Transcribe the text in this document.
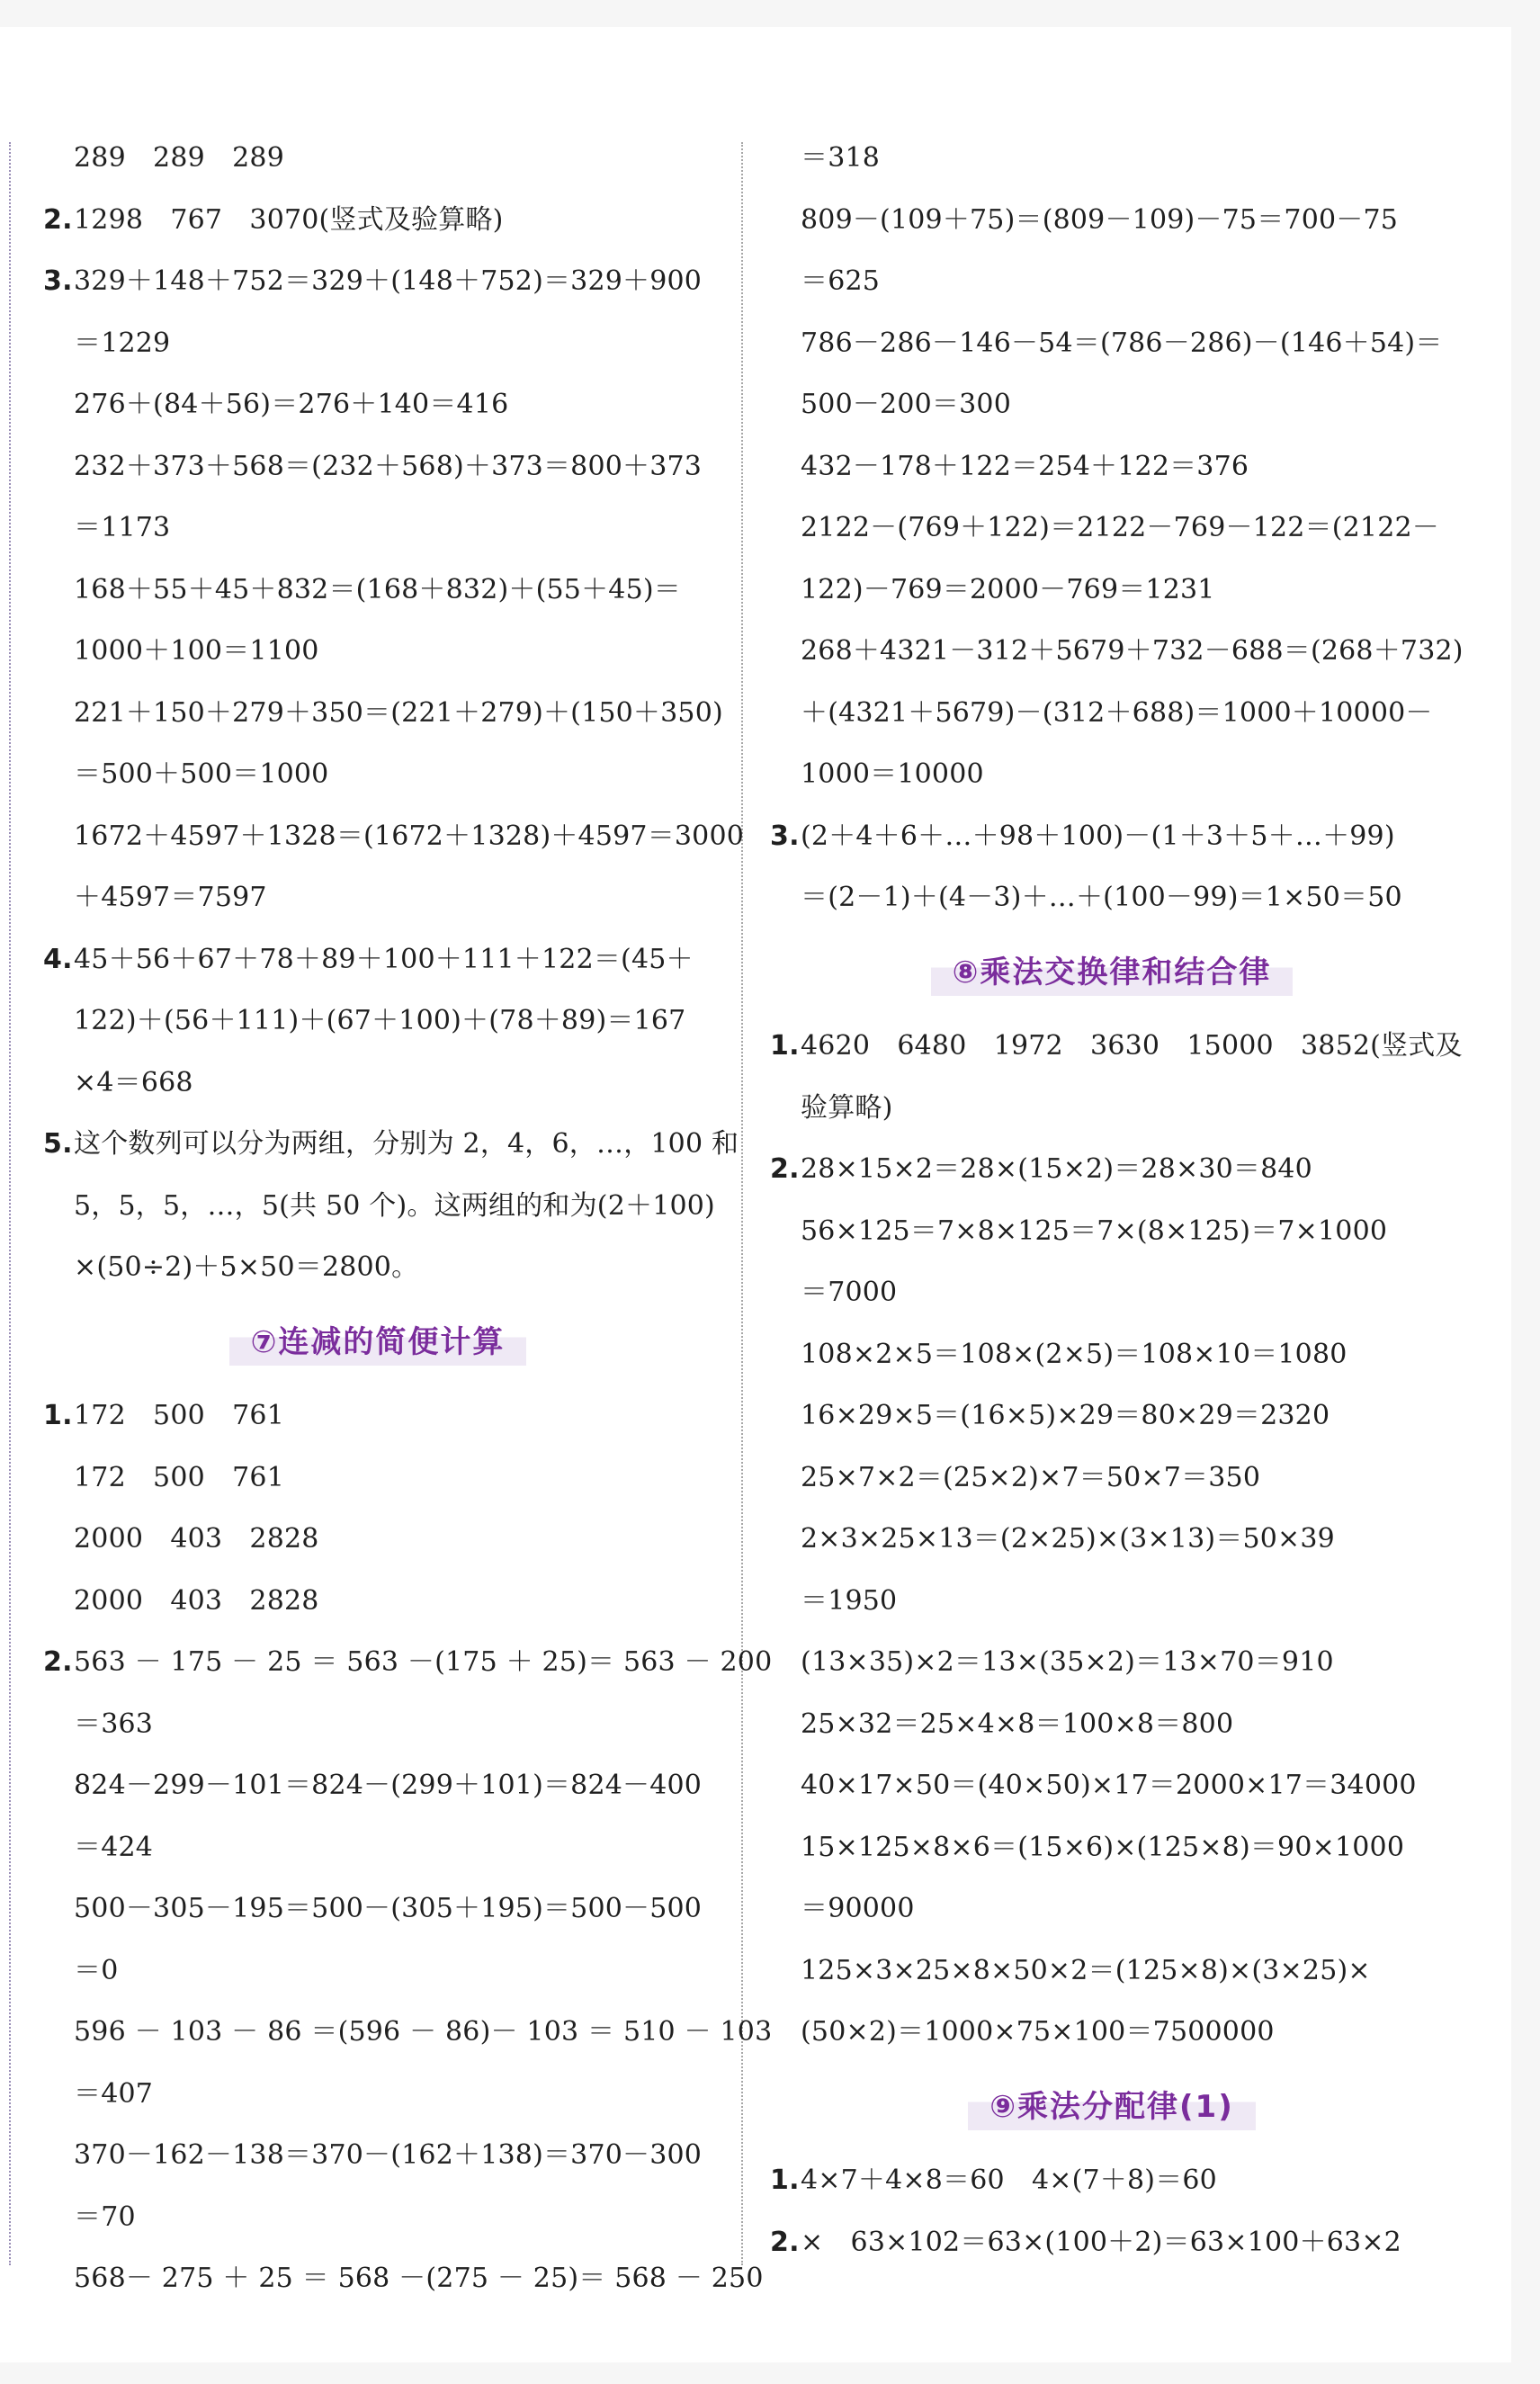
289　289　289
2.1298　767　3070(竖式及验算略)
3.329＋148＋752＝329＋(148＋752)＝329＋900
＝1229
276＋(84＋56)＝276＋140＝416
232＋373＋568＝(232＋568)＋373＝800＋373
＝1173
168＋55＋45＋832＝(168＋832)＋(55＋45)＝
1000＋100＝1100
221＋150＋279＋350＝(221＋279)＋(150＋350)
＝500＋500＝1000
1672＋4597＋1328＝(1672＋1328)＋4597＝3000
＋4597＝7597
4.45＋56＋67＋78＋89＋100＋111＋122＝(45＋
122)＋(56＋111)＋(67＋100)＋(78＋89)＝167
×4＝668
5.这个数列可以分为两组，分别为 2，4，6，…，100 和
5，5，5，…，5(共 50 个)。这两组的和为(2＋100)
×(50÷2)＋5×50＝2800。
⑦连减的简便计算
1.172　500　761
172　500　761
2000　403　2828
2000　403　2828
2.563 － 175 － 25 ＝ 563 －(175 ＋ 25)＝ 563 － 200
＝363
824－299－101＝824－(299＋101)＝824－400
＝424
500－305－195＝500－(305＋195)＝500－500
＝0
596 － 103 － 86 ＝(596 － 86)－ 103 ＝ 510 － 103
＝407
370－162－138＝370－(162＋138)＝370－300
＝70
568－ 275 ＋ 25 ＝ 568 －(275 － 25)＝ 568 － 250
＝318
809－(109＋75)＝(809－109)－75＝700－75
＝625
786－286－146－54＝(786－286)－(146＋54)＝
500－200＝300
432－178＋122＝254＋122＝376
2122－(769＋122)＝2122－769－122＝(2122－
122)－769＝2000－769＝1231
268＋4321－312＋5679＋732－688＝(268＋732)
＋(4321＋5679)－(312＋688)＝1000＋10000－
1000＝10000
3.(2＋4＋6＋…＋98＋100)－(1＋3＋5＋…＋99)
＝(2－1)＋(4－3)＋…＋(100－99)＝1×50＝50
⑧乘法交换律和结合律
1.4620　6480　1972　3630　15000　3852(竖式及
验算略)
2.28×15×2＝28×(15×2)＝28×30＝840
56×125＝7×8×125＝7×(8×125)＝7×1000
＝7000
108×2×5＝108×(2×5)＝108×10＝1080
16×29×5＝(16×5)×29＝80×29＝2320
25×7×2＝(25×2)×7＝50×7＝350
2×3×25×13＝(2×25)×(3×13)＝50×39
＝1950
(13×35)×2＝13×(35×2)＝13×70＝910
25×32＝25×4×8＝100×8＝800
40×17×50＝(40×50)×17＝2000×17＝34000
15×125×8×6＝(15×6)×(125×8)＝90×1000
＝90000
125×3×25×8×50×2＝(125×8)×(3×25)×
(50×2)＝1000×75×100＝7500000
⑨乘法分配律(1)
1.4×7＋4×8＝60　4×(7＋8)＝60
2.×　63×102＝63×(100＋2)＝63×100＋63×2
